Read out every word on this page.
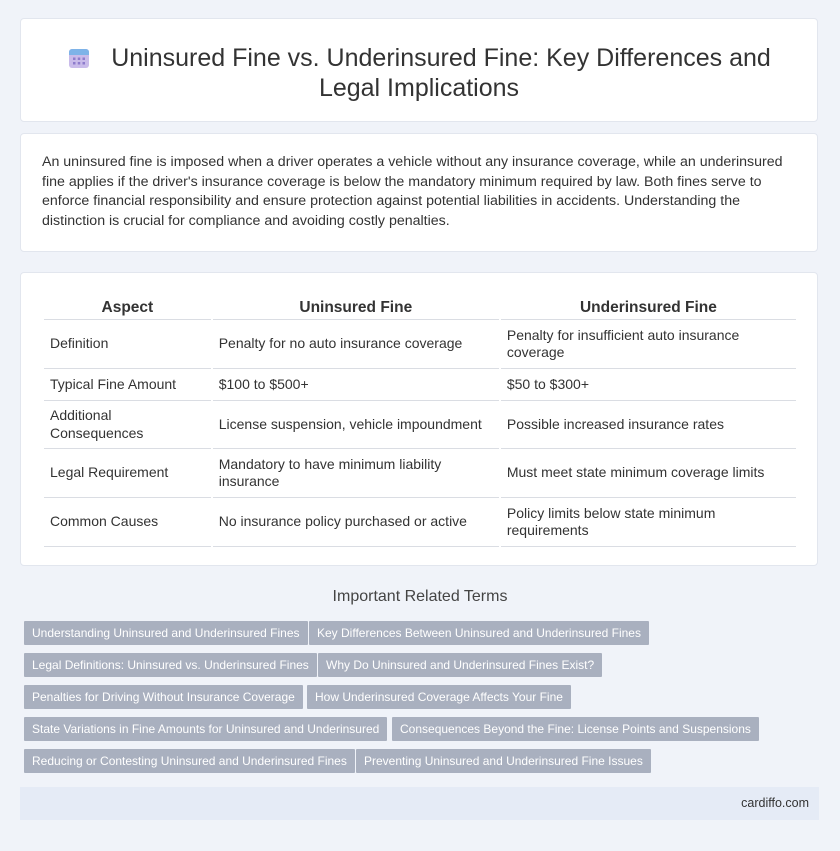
Uninsured Fine vs. Underinsured Fine: Key Differences and Legal Implications

An uninsured fine is imposed when a driver operates a vehicle without any insurance coverage, while an underinsured fine applies if the driver's insurance coverage is below the mandatory minimum required by law. Both fines serve to enforce financial responsibility and ensure protection against potential liabilities in accidents. Understanding the distinction is crucial for compliance and avoiding costly penalties.

Aspect	Uninsured Fine	Underinsured Fine
Definition	Penalty for no auto insurance coverage	Penalty for insufficient auto insurance coverage
Typical Fine Amount	$100 to $500+	$50 to $300+
Additional Consequences	License suspension, vehicle impoundment	Possible increased insurance rates
Legal Requirement	Mandatory to have minimum liability insurance	Must meet state minimum coverage limits
Common Causes	No insurance policy purchased or active	Policy limits below state minimum requirements
Important Related Terms
Understanding Uninsured and Underinsured Fines	Key Differences Between Uninsured and Underinsured Fines
Legal Definitions: Uninsured vs. Underinsured Fines	Why Do Uninsured and Underinsured Fines Exist?
Penalties for Driving Without Insurance Coverage	How Underinsured Coverage Affects Your Fine
State Variations in Fine Amounts for Uninsured and Underinsured	Consequences Beyond the Fine: License Points and Suspensions
Reducing or Contesting Uninsured and Underinsured Fines	Preventing Uninsured and Underinsured Fine Issues
cardiffo.com
